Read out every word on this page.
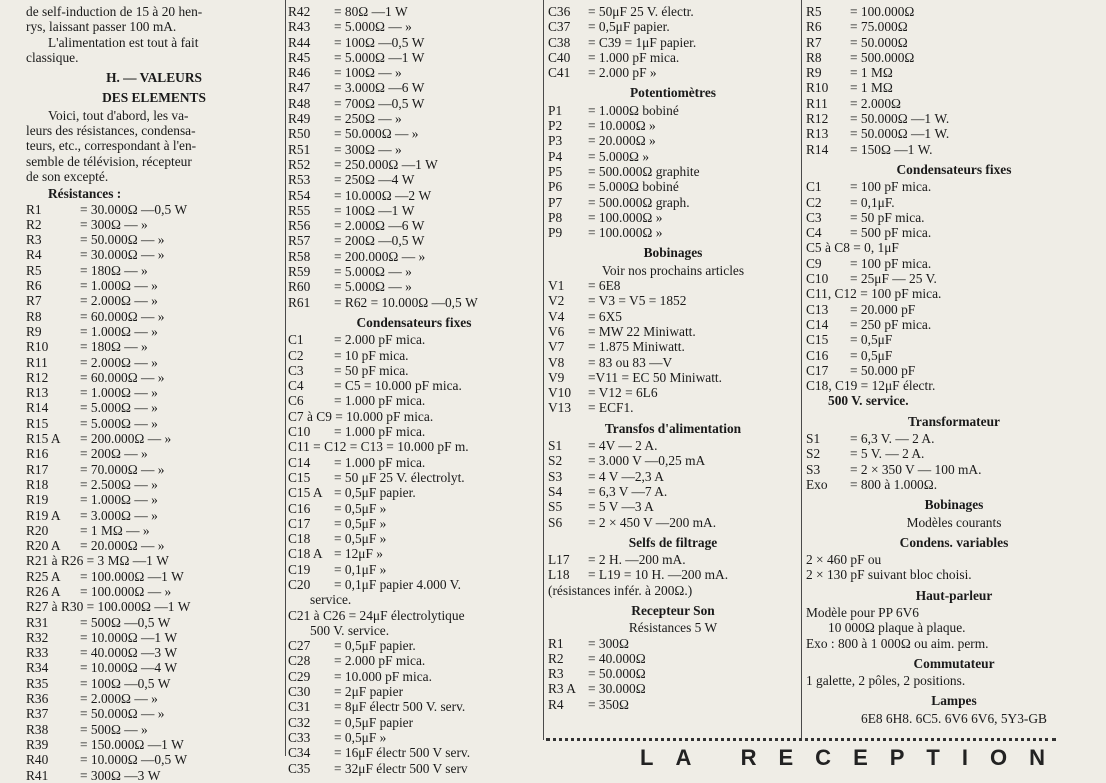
de self-induction de 15 à 20 hen-
rys, laissant passer 100 mA.
L'alimentation est tout à fait
classique.
H. — VALEURS
DES ELEMENTS
Voici, tout d'abord, les va-
leurs des résistances, condensa-
teurs, etc., correspondant à l'en-
semble de télévision, récepteur
de son excepté.
Résistances :
R1	= 30.000Ω —0,5 W
R2	= 300Ω — »
R3	= 50.000Ω — »
R4	= 30.000Ω — »
R5	= 180Ω — »
R6	= 1.000Ω — »
R7	= 2.000Ω — »
R8	= 60.000Ω — »
R9	= 1.000Ω — »
R10	= 180Ω — »
R11	= 2.000Ω — »
R12	= 60.000Ω — »
R13	= 1.000Ω — »
R14	= 5.000Ω — »
R15	= 5.000Ω — »
R15 A	= 200.000Ω — »
R16	= 200Ω — »
R17	= 70.000Ω — »
R18	= 2.500Ω — »
R19	= 1.000Ω — »
R19 A	= 3.000Ω — »
R20	= 1 MΩ — »
R20 A	= 20.000Ω — »
R21 à R26 = 3 MΩ —1 W
R25 A	= 100.000Ω —1 W
R26 A	= 100.000Ω — »
R27 à R30 = 100.000Ω —1 W
R31	= 500Ω —0,5 W
R32	= 10.000Ω —1 W
R33	= 40.000Ω —3 W
R34	= 10.000Ω —4 W
R35	= 100Ω —0,5 W
R36	= 2.000Ω — »
R37	= 50.000Ω — »
R38	= 500Ω — »
R39	= 150.000Ω —1 W
R40	= 10.000Ω —0,5 W
R41	= 300Ω —3 W
R42	= 80Ω —1 W
R43	= 5.000Ω — »
R44	= 100Ω —0,5 W
R45	= 5.000Ω —1 W
R46	= 100Ω — »
R47	= 3.000Ω —6 W
R48	= 700Ω —0,5 W
R49	= 250Ω — »
R50	= 50.000Ω — »
R51	= 300Ω — »
R52	= 250.000Ω —1 W
R53	= 250Ω —4 W
R54	= 10.000Ω —2 W
R55	= 100Ω —1 W
R56	= 2.000Ω —6 W
R57	= 200Ω —0,5 W
R58	= 200.000Ω — »
R59	= 5.000Ω — »
R60	= 5.000Ω — »
R61	= R62 = 10.000Ω —0,5 W
Condensateurs fixes
C1	= 2.000 pF mica.
C2	= 10 pF mica.
C3	= 50 pF mica.
C4	= C5 = 10.000 pF mica.
C6	= 1.000 pF mica.
C7 à C9 = 10.000 pF mica.
C10	= 1.000 pF mica.
C11 = C12 = C13 = 10.000 pF m.
C14	= 1.000 pF mica.
C15	= 50 μF 25 V. électrolyt.
C15 A = 0,5μF papier.
C16	= 0,5μF »
C17	= 0,5μF »
C18	= 0,5μF »
C18 A = 12μF »
C19	= 0,1μF »
C20	= 0,1μF papier 4.000 V.
service.
C21 à C26 = 24μF électrolytique
500 V. service.
C27	= 0,5μF papier.
C28	= 2.000 pF mica.
C29	= 10.000 pF mica.
C30	= 2μF papier
C31	= 8μF électr 500 V. serv.
C32	= 0,5μF papier
C33	= 0,5μF »
C34	= 16μF électr 500 V serv.
C35	= 32μF électr 500 V serv
C36	= 50μF 25 V. électr.
C37	= 0,5μF papier.
C38	= C39 = 1μF papier.
C40	= 1.000 pF mica.
C41	= 2.000 pF »
Potentiomètres
P1	= 1.000Ω bobiné
P2	= 10.000Ω »
P3	= 20.000Ω »
P4	= 5.000Ω »
P5	= 500.000Ω graphite
P6	= 5.000Ω bobiné
P7	= 500.000Ω graph.
P8	= 100.000Ω »
P9	= 100.000Ω »
Bobinages
Voir nos prochains articles
V1	= 6E8
V2	= V3 = V5 = 1852
V4	= 6X5
V6	= MW 22 Miniwatt.
V7	= 1.875 Miniwatt.
V8	= 83 ou 83 —V
V9	=V11 = EC 50 Miniwatt.
V10	= V12 = 6L6
V13	= ECF1.
Transfos d'alimentation
S1	= 4V — 2 A.
S2	= 3.000 V —0,25 mA
S3	= 4 V —2,3 A
S4	= 6,3 V —7 A.
S5	= 5 V —3 A
S6	= 2 × 450 V —200 mA.
Selfs de filtrage
L17	= 2 H. —200 mA.
L18	= L19 = 10 H. —200 mA.
(résistances infér. à 200Ω.)
Recepteur Son
Résistances 5 W
R1	= 300Ω
R2	= 40.000Ω
R3	= 50.000Ω
R3 A = 30.000Ω
R4	= 350Ω
R5	= 100.000Ω
R6	= 75.000Ω
R7	= 50.000Ω
R8	= 500.000Ω
R9	= 1 MΩ
R10	= 1 MΩ
R11	= 2.000Ω
R12	= 50.000Ω —1 W.
R13	= 50.000Ω —1 W.
R14	= 150Ω —1 W.
Condensateurs fixes
C1	= 100 pF mica.
C2	= 0,1μF.
C3	= 50 pF mica.
C4	= 500 pF mica.
C5 à C8 = 0, 1μF
C9	= 100 pF mica.
C10	= 25μF — 25 V.
C11, C12 = 100 pF mica.
C13	= 20.000 pF
C14	= 250 pF mica.
C15	= 0,5μF
C16	= 0,5μF
C17	= 50.000 pF
C18, C19 = 12μF électr.
500 V. service.
Transformateur
S1	= 6,3 V. — 2 A.
S2	= 5 V. — 2 A.
S3	= 2 × 350 V — 100 mA.
Exo	= 800 à 1.000Ω.
Bobinages
Modèles courants
Condens. variables
2 × 460 pF ou
2 × 130 pF suivant bloc choisi.
Haut-parleur
Modèle pour PP 6V6
10 000Ω plaque à plaque.
Exo : 800 à 1 000Ω ou aim. perm.
Commutateur
1 galette, 2 pôles, 2 positions.
Lampes
6E8 6H8. 6C5. 6V6 6V6, 5Y3-GB
LA RECEPTION
